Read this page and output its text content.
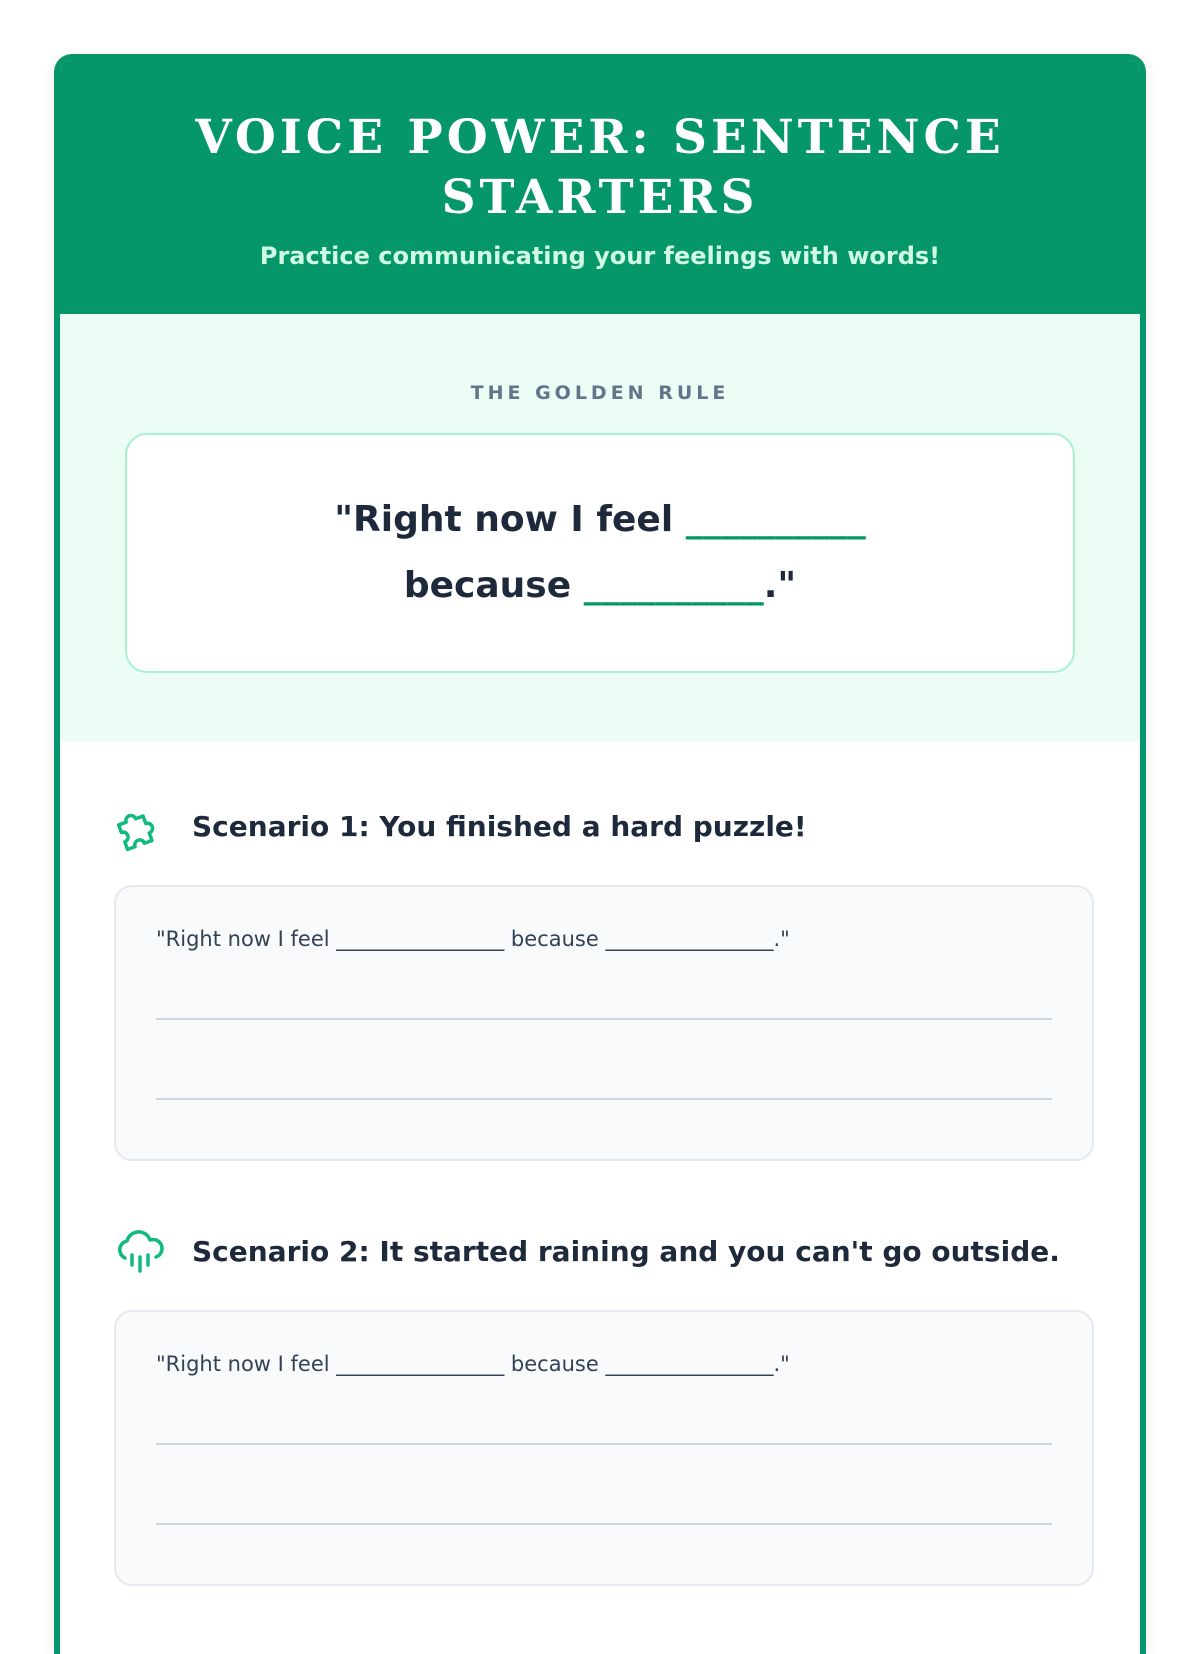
VOICE POWER: SENTENCE STARTERS
Practice communicating your feelings with words!
THE GOLDEN RULE
"Right now I feel __________ because __________."
Scenario 1: You finished a hard puzzle!
"Right now I feel ________________ because ________________."
Scenario 2: It started raining and you can't go outside.
"Right now I feel ________________ because ________________."
